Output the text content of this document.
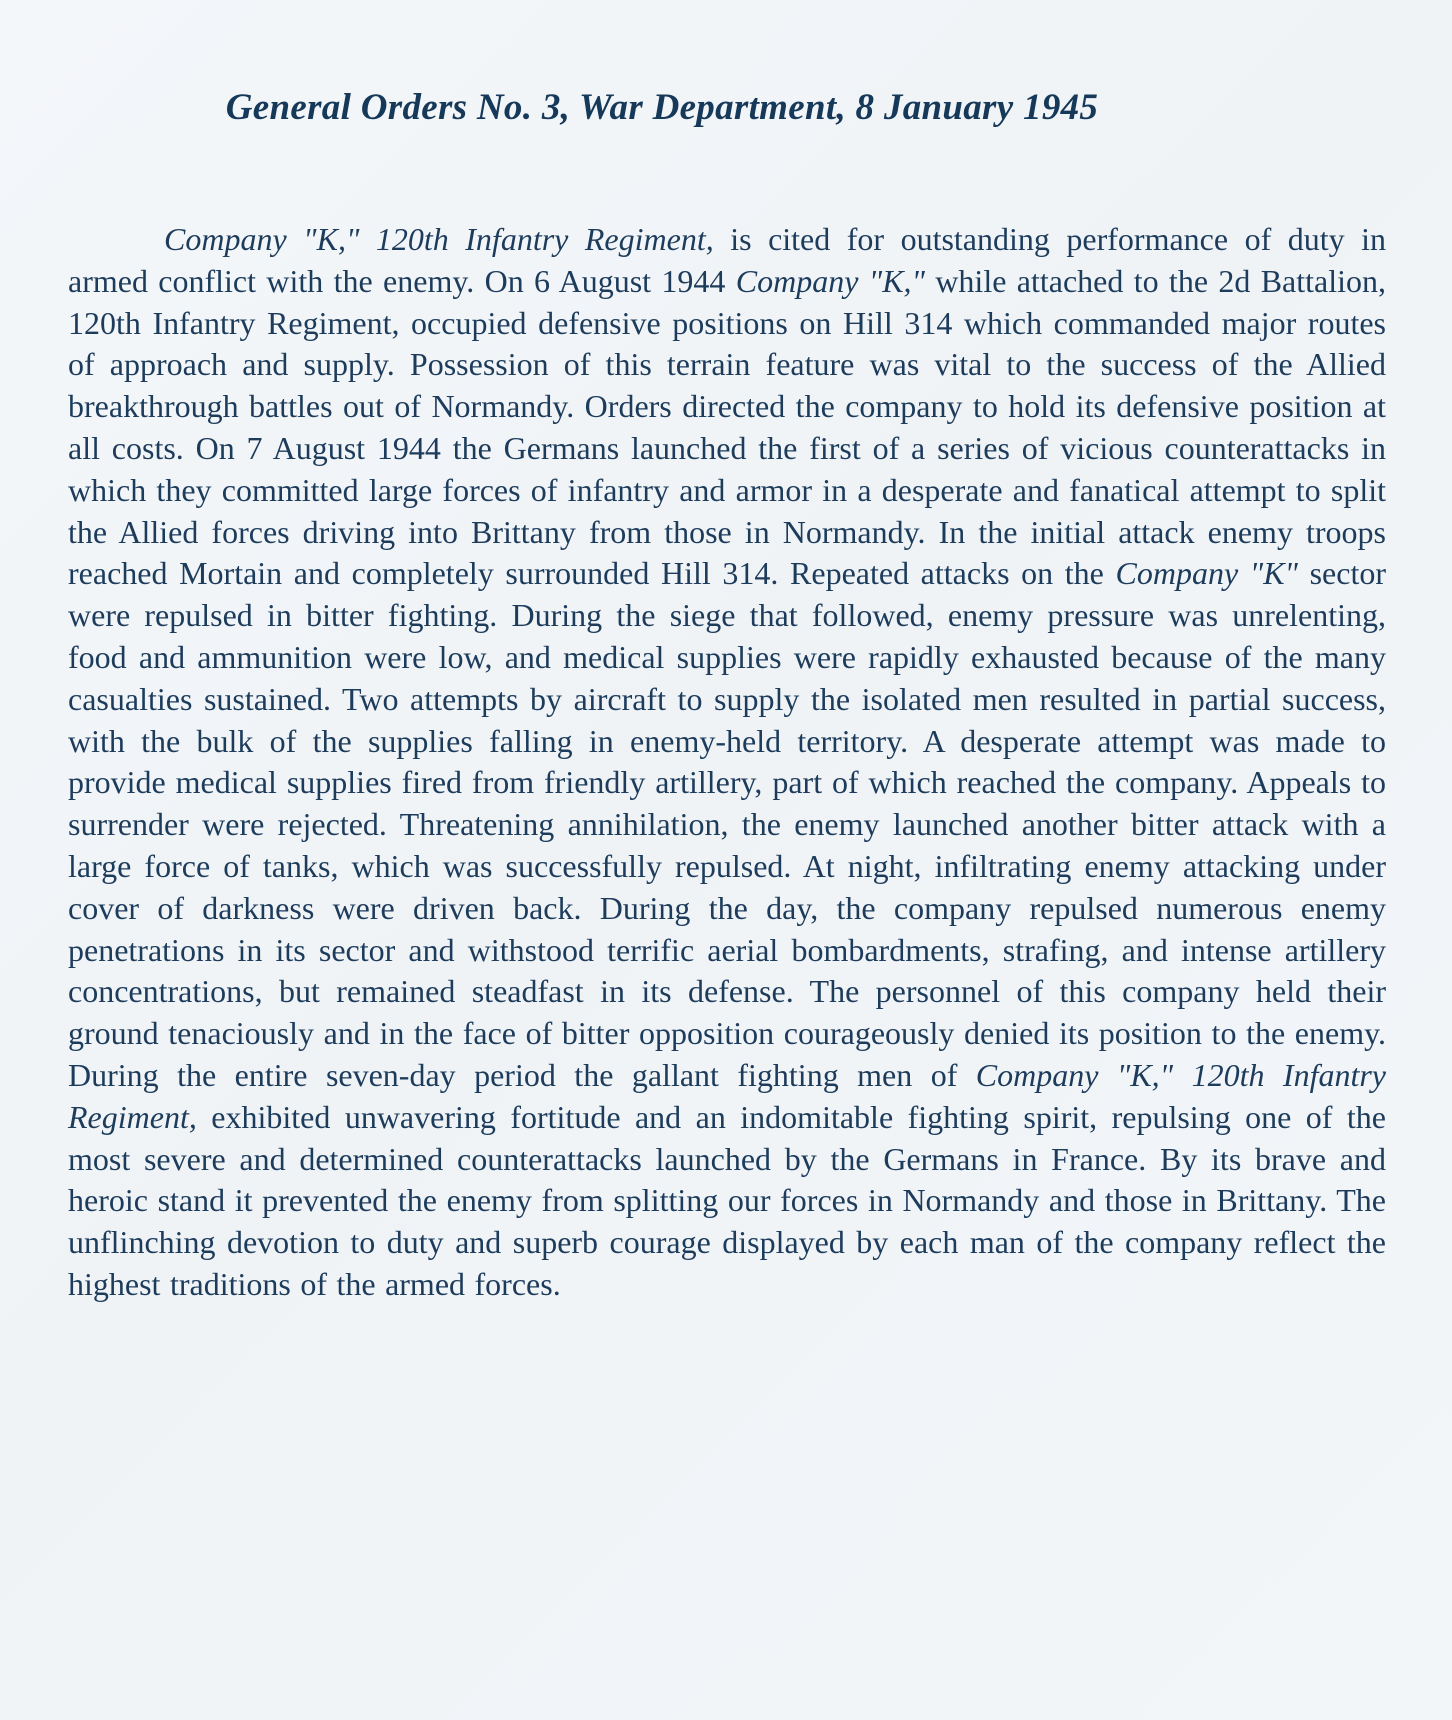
General Orders No. 3, War Department, 8 January 1945

Company "K," 120th Infantry Regiment, is cited for outstanding performance of duty in armed conflict with the enemy. On 6 August 1944 Company "K," while attached to the 2d Battalion, 120th Infantry Regiment, occupied defensive positions on Hill 314 which commanded major routes of approach and supply. Possession of this terrain feature was vital to the success of the Allied breakthrough battles out of Normandy. Orders directed the company to hold its defensive position at all costs. On 7 August 1944 the Germans launched the first of a series of vicious counterattacks in which they committed large forces of infantry and armor in a desperate and fanatical attempt to split the Allied forces driving into Brittany from those in Normandy. In the initial attack enemy troops reached Mortain and completely surrounded Hill 314. Repeated attacks on the Company "K" sector were repulsed in bitter fighting. During the siege that followed, enemy pressure was unrelenting, food and ammunition were low, and medical supplies were rapidly exhausted because of the many casualties sustained. Two attempts by aircraft to supply the isolated men resulted in partial success, with the bulk of the supplies falling in enemy-held territory. A desperate attempt was made to provide medical supplies fired from friendly artillery, part of which reached the company. Appeals to surrender were rejected. Threatening annihilation, the enemy launched another bitter attack with a large force of tanks, which was successfully repulsed. At night, infiltrating enemy attacking under cover of darkness were driven back. During the day, the company repulsed numerous enemy penetrations in its sector and withstood terrific aerial bombardments, strafing, and intense artillery concentrations, but remained steadfast in its defense. The personnel of this company held their ground tenaciously and in the face of bitter opposition courageously denied its position to the enemy. During the entire seven-day period the gallant fighting men of Company "K," 120th Infantry Regiment, exhibited unwavering fortitude and an indomitable fighting spirit, repulsing one of the most severe and determined counterattacks launched by the Germans in France. By its brave and heroic stand it prevented the enemy from splitting our forces in Normandy and those in Brittany. The unflinching devotion to duty and superb courage displayed by each man of the company reflect the highest traditions of the armed forces.
